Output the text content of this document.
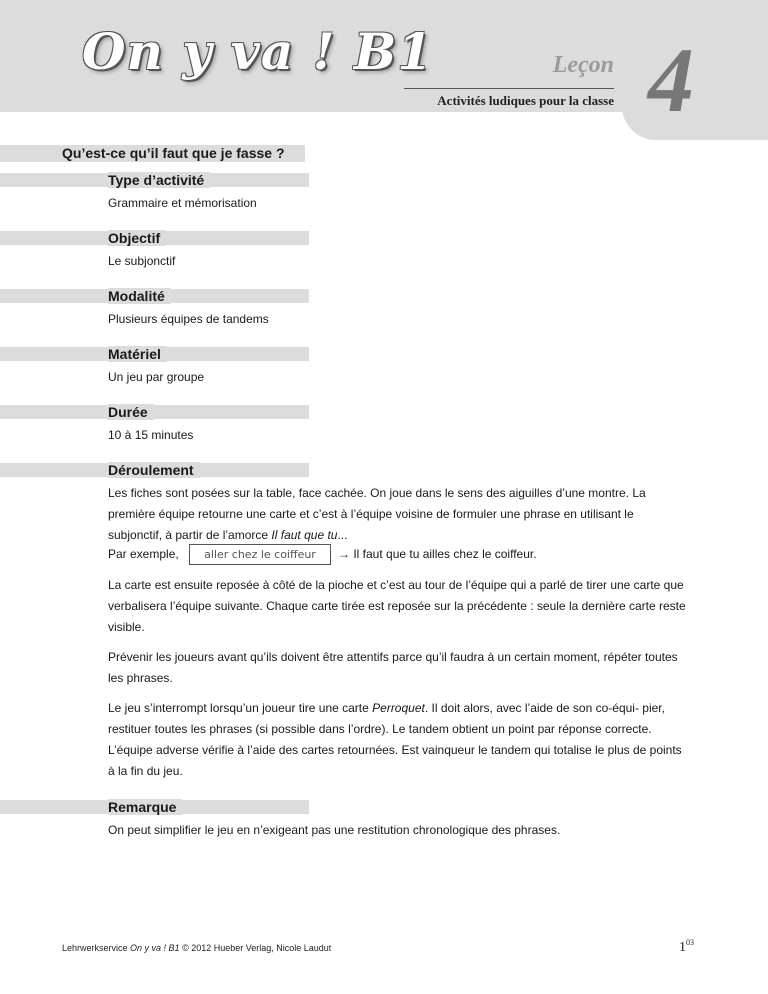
On y va ! B1	Leçon
Activités ludiques pour la classe 4
Qu’est-ce qu’il faut que je fasse ?
Type d’activité
Grammaire et mémorisation
Objectif
Le subjonctif
Modalité
Plusieurs équipes de tandems
Matériel
Un jeu par groupe
Durée
10 à 15 minutes
Déroulement

Les fiches sont posées sur la table, face cachée. On joue dans le sens des aiguilles d’une montre. La première équipe retourne une carte et c’est à l’équipe voisine de formuler une phrase en utilisant le subjonctif, à partir de l’amorce Il faut que tu...

Par exemple,	aller chez le coiffeur	→ Il faut que tu ailles chez le coiffeur.

La carte est ensuite reposée à côté de la pioche et c’est au tour de l’équipe qui a parlé de tirer une carte que verbalisera l’équipe suivante. Chaque carte tirée est reposée sur la précédente : seule la dernière carte reste visible.

Prévenir les joueurs avant qu’ils doivent être attentifs parce qu’il faudra à un certain moment, répéter toutes les phrases.

Le jeu s’interrompt lorsqu’un joueur tire une carte Perroquet. Il doit alors, avec l’aide de son co-équi- pier, restituer toutes les phrases (si possible dans l’ordre). Le tandem obtient un point par réponse correcte.

L’équipe adverse vérifie à l’aide des cartes retournées. Est vainqueur le tandem qui totalise le plus de points à la fin du jeu.

Remarque
On peut simplifier le jeu en n’exigeant pas une restitution chronologique des phrases.
Lehrwerkservice On y va ! B1 © 2012 Hueber Verlag, Nicole Laudut	$1^{03}$
